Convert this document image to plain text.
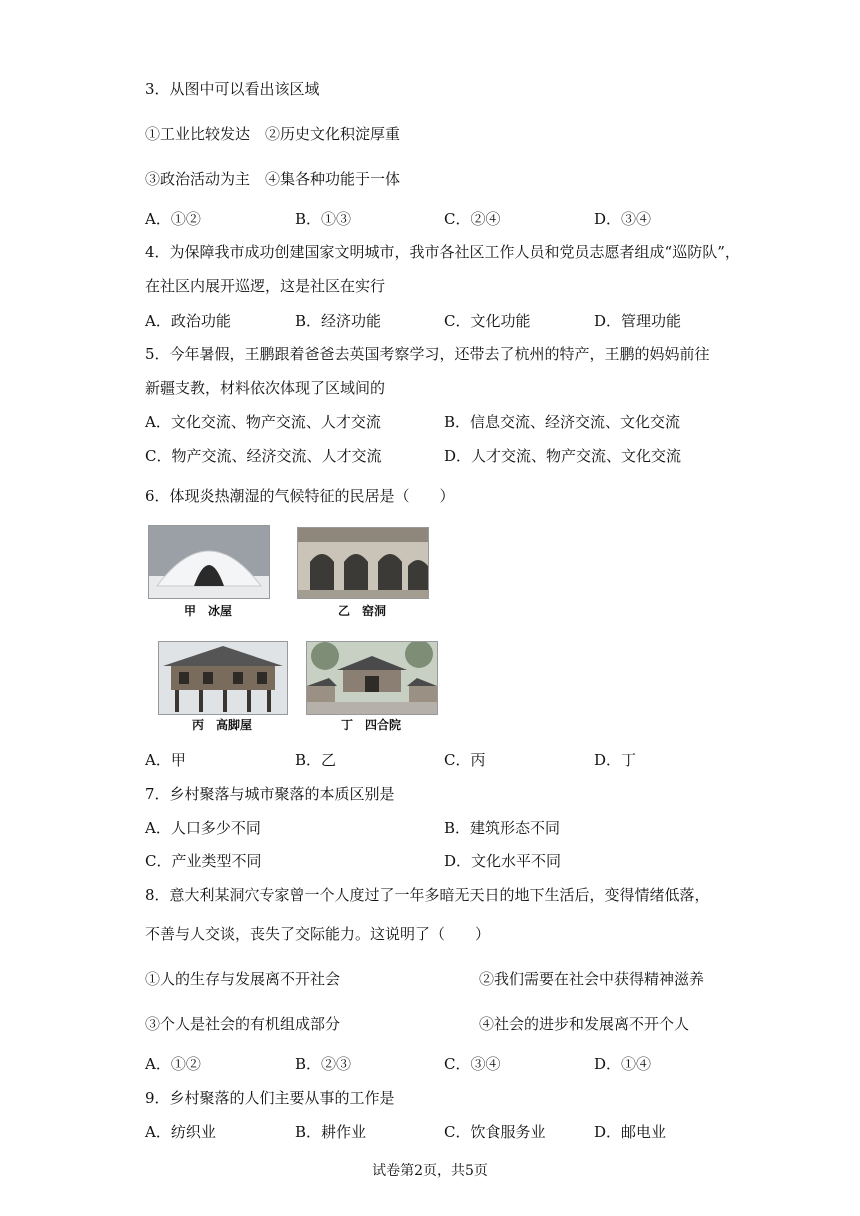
3．从图中可以看出该区域
①工业比较发达　②历史文化积淀厚重
③政治活动为主　④集各种功能于一体
A．①②	B．①③	C．②④	D．③④
4．为保障我市成功创建国家文明城市，我市各社区工作人员和党员志愿者组成“巡防队”，
在社区内展开巡逻，这是社区在实行
A．政治功能	B．经济功能	C．文化功能	D．管理功能
5．今年暑假，王鹏跟着爸爸去英国考察学习，还带去了杭州的特产，王鹏的妈妈前往
新疆支教，材料依次体现了区域间的
A．文化交流、物产交流、人才交流	B．信息交流、经济交流、文化交流
C．物产交流、经济交流、人才交流	D．人才交流、物产交流、文化交流
6．体现炎热潮湿的气候特征的民居是（　　）
甲　冰屋	乙　窑洞
丙　高脚屋	丁　四合院
A．甲	B．乙	C．丙	D．丁
7．乡村聚落与城市聚落的本质区别是
A．人口多少不同	B．建筑形态不同
C．产业类型不同	D．文化水平不同
8．意大利某洞穴专家曾一个人度过了一年多暗无天日的地下生活后，变得情绪低落，
不善与人交谈，丧失了交际能力。这说明了（　　）
①人的生存与发展离不开社会	②我们需要在社会中获得精神滋养
③个人是社会的有机组成部分	④社会的进步和发展离不开个人
A．①②	B．②③	C．③④	D．①④
9．乡村聚落的人们主要从事的工作是
A．纺织业	B．耕作业	C．饮食服务业	D．邮电业
试卷第2页，共5页
